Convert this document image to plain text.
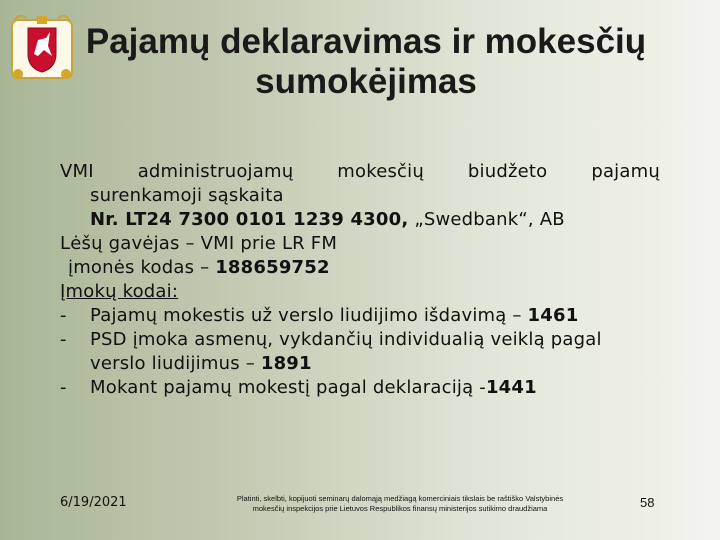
Pajamų deklaravimas ir mokesčių
sumokėjimas
VMI administruojamų mokesčių biudžeto pajamų
surenkamoji sąskaita
Nr. LT24 7300 0101 1239 4300, „Swedbank“, AB
Lėšų gavėjas – VMI prie LR FM
įmonės kodas – 188659752
Įmokų kodai:
-	Pajamų mokestis už verslo liudijimo išdavimą – 1461
-	PSD įmoka asmenų, vykdančių individualią veiklą pagal
verslo liudijimus – 1891
-	Mokant pajamų mokestį pagal deklaraciją -1441
6/19/2021	Platinti, skelbti, kopijuoti seminarų dalomąją medžiagą komerciniais tikslais be raštiško Valstybinės
mokesčių inspekcijos prie Lietuvos Respublikos finansų ministerijos sutikimo draudžiama	58
